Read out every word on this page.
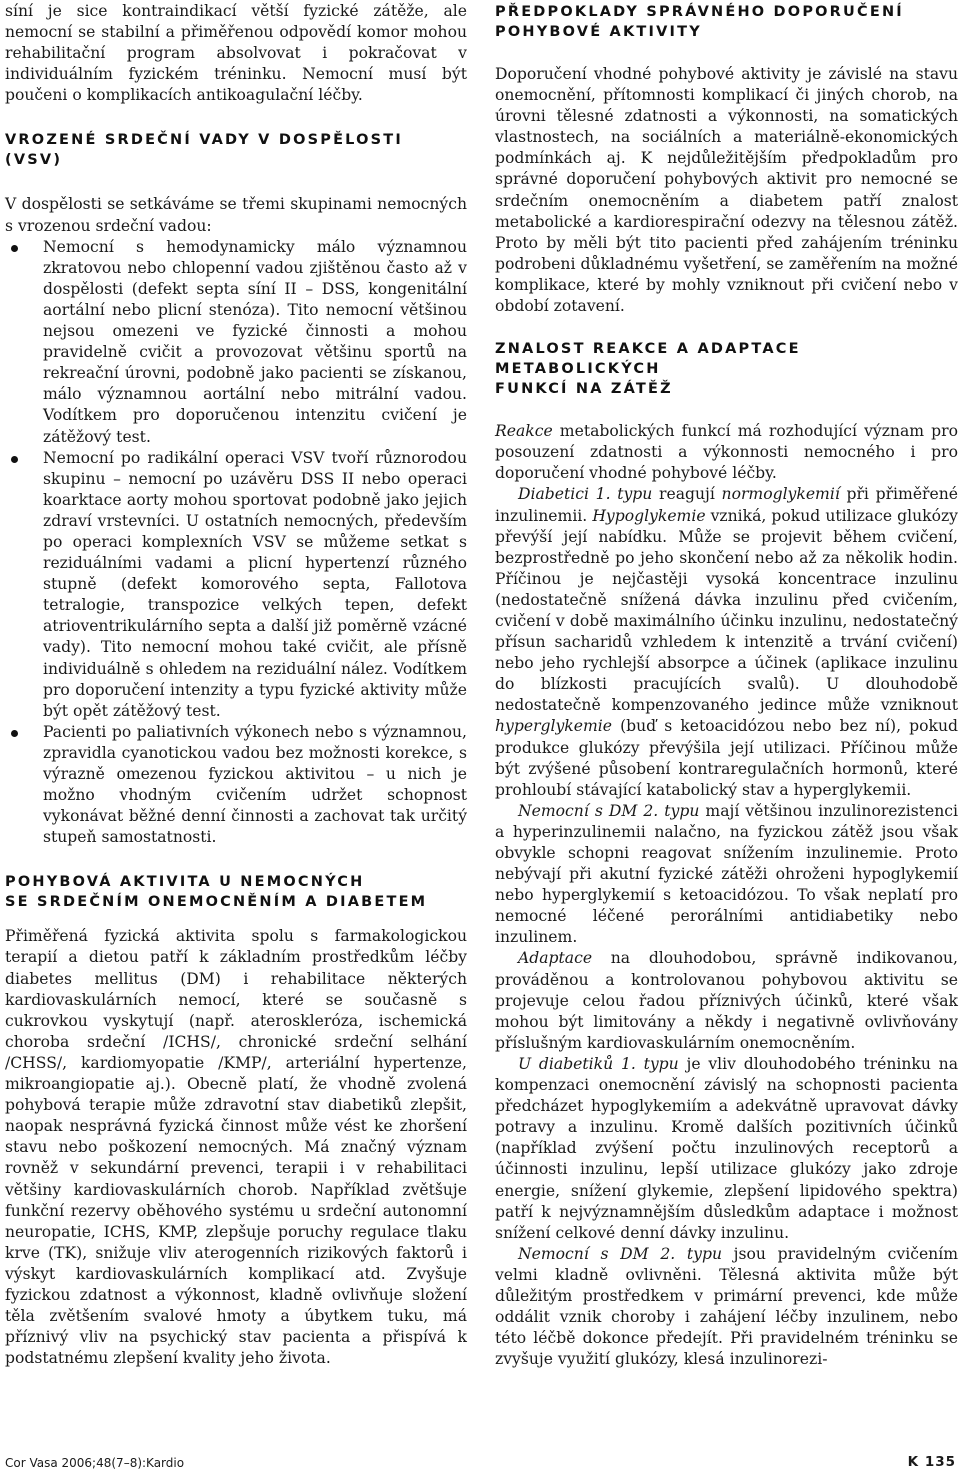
síní je sice kontraindikací větší fyzické zátěže, ale nemocní se stabilní a přiměřenou odpovědí komor mohou rehabilitační program absolvovat i pokračovat v individuálním fyzickém tréninku. Nemocní musí být poučeni o komplikacích antikoagulační léčby.

VROZENÉ SRDEČNÍ VADY V DOSPĚLOSTI (VSV)

V dospělosti se setkáváme se třemi skupinami nemocných s vrozenou srdeční vadou:

Nemocní s hemodynamicky málo významnou zkratovou nebo chlopenní vadou zjištěnou často až v dospělosti (defekt septa síní II – DSS, kongenitální aortální nebo plicní stenóza). Tito nemocní většinou nejsou omezeni ve fyzické činnosti a mohou pravidelně cvičit a provozovat většinu sportů na rekreační úrovni, podobně jako pacienti se získanou, málo významnou aortální nebo mitrální vadou. Vodítkem pro doporučenou intenzitu cvičení je zátěžový test.
Nemocní po radikální operaci VSV tvoří různorodou skupinu – nemocní po uzávěru DSS II nebo operaci koarktace aorty mohou sportovat podobně jako jejich zdraví vrstevníci. U ostatních nemocných, především po operaci komplexních VSV se můžeme setkat s reziduálními vadami a plicní hypertenzí různého stupně (defekt komorového septa, Fallotova tetralogie, transpozice velkých tepen, defekt atrioventrikulárního septa a další již poměrně vzácné vady). Tito nemocní mohou také cvičit, ale přísně individuálně s ohledem na reziduální nález. Vodítkem pro doporučení intenzity a typu fyzické aktivity může být opět zátěžový test.
Pacienti po paliativních výkonech nebo s významnou, zpravidla cyanotickou vadou bez možnosti korekce, s výrazně omezenou fyzickou aktivitou – u nich je možno vhodným cvičením udržet schopnost vykonávat běžné denní činnosti a zachovat tak určitý stupeň samostatnosti.
POHYBOVÁ AKTIVITA U NEMOCNÝCH
SE SRDEČNÍM ONEMOCNĚNÍM A DIABETEM

Přiměřená fyzická aktivita spolu s farmakologickou terapií a dietou patří k základním prostředkům léčby diabetes mellitus (DM) i rehabilitace některých kardiovaskulárních nemocí, které se současně s cukrovkou vyskytují (např. ateroskleróza, ischemická choroba srdeční /ICHS/, chronické srdeční selhání /CHSS/, kardiomyopatie /KMP/, arteriální hypertenze, mikroangiopatie aj.). Obecně platí, že vhodně zvolená pohybová terapie může zdravotní stav diabetiků zlepšit, naopak nesprávná fyzická činnost může vést ke zhoršení stavu nebo poškození nemocných. Má značný význam rovněž v sekundární prevenci, terapii i v rehabilitaci většiny kardiovaskulárních chorob. Například zvětšuje funkční rezervy oběhového systému u srdeční autonomní neuropatie, ICHS, KMP, zlepšuje poruchy regulace tlaku krve (TK), snižuje vliv aterogenních rizikových faktorů i výskyt kardiovaskulárních komplikací atd. Zvyšuje fyzickou zdatnost a výkonnost, kladně ovlivňuje složení těla zvětšením svalové hmoty a úbytkem tuku, má příznivý vliv na psychický stav pacienta a přispívá k podstatnému zlepšení kvality jeho života.

PŘEDPOKLADY SPRÁVNÉHO DOPORUČENÍ
POHYBOVÉ AKTIVITY

Doporučení vhodné pohybové aktivity je závislé na stavu onemocnění, přítomnosti komplikací či jiných chorob, na úrovni tělesné zdatnosti a výkonnosti, na somatických vlastnostech, na sociálních a materiálně-ekonomických podmínkách aj. K nejdůležitějším předpokladům pro správné doporučení pohybových aktivit pro nemocné se srdečním onemocněním a diabetem patří znalost metabolické a kardiorespirační odezvy na tělesnou zátěž. Proto by měli být tito pacienti před zahájením tréninku podrobeni důkladnému vyšetření, se zaměřením na možné komplikace, které by mohly vzniknout při cvičení nebo v období zotavení.

ZNALOST REAKCE A ADAPTACE METABOLICKÝCH
FUNKCÍ NA ZÁTĚŽ

Reakce metabolických funkcí má rozhodující význam pro posouzení zdatnosti a výkonnosti nemocného i pro doporučení vhodné pohybové léčby.

Diabetici 1. typu reagují normoglykemií při přiměřené inzulinemii. Hypoglykemie vzniká, pokud utilizace glukózy převýší její nabídku. Může se projevit během cvičení, bezprostředně po jeho skončení nebo až za několik hodin. Příčinou je nejčastěji vysoká koncentrace inzulinu (nedostatečně snížená dávka inzulinu před cvičením, cvičení v době maximálního účinku inzulinu, nedostatečný přísun sacharidů vzhledem k intenzitě a trvání cvičení) nebo jeho rychlejší absorpce a účinek (aplikace inzulinu do blízkosti pracujících svalů). U dlouhodobě nedostatečně kompenzovaného jedince může vzniknout hyperglykemie (buď s ketoacidózou nebo bez ní), pokud produkce glukózy převýšila její utilizaci. Příčinou může být zvýšené působení kontraregulačních hormonů, které prohloubí stávající katabolický stav a hyperglykemii.

Nemocní s DM 2. typu mají většinou inzulinorezistenci a hyperinzulinemii nalačno, na fyzickou zátěž jsou však obvykle schopni reagovat snížením inzulinemie. Proto nebývají při akutní fyzické zátěži ohroženi hypoglykemií nebo hyperglykemií s ketoacidózou. To však neplatí pro nemocné léčené perorálními antidiabetiky nebo inzulinem.

Adaptace na dlouhodobou, správně indikovanou, prováděnou a kontrolovanou pohybovou aktivitu se projevuje celou řadou příznivých účinků, které však mohou být limitovány a někdy i negativně ovlivňovány příslušným kardiovaskulárním onemocněním.

U diabetiků 1. typu je vliv dlouhodobého tréninku na kompenzaci onemocnění závislý na schopnosti pacienta předcházet hypoglykemiím a adekvátně upravovat dávky potravy a inzulinu. Kromě dalších pozitivních účinků (například zvýšení počtu inzulinových receptorů a účinnosti inzulinu, lepší utilizace glukózy jako zdroje energie, snížení glykemie, zlepšení lipidového spektra) patří k nejvýznamnějším důsledkům adaptace i možnost snížení celkové denní dávky inzulinu.

Nemocní s DM 2. typu jsou pravidelným cvičením velmi kladně ovlivněni. Tělesná aktivita může být důležitým prostředkem v primární prevenci, kde může oddálit vznik choroby i zahájení léčby inzulinem, nebo této léčbě dokonce předejít. Při pravidelném tréninku se zvyšuje využití glukózy, klesá inzulinorezi-

Cor Vasa 2006;48(7–8):Kardio	K 135
